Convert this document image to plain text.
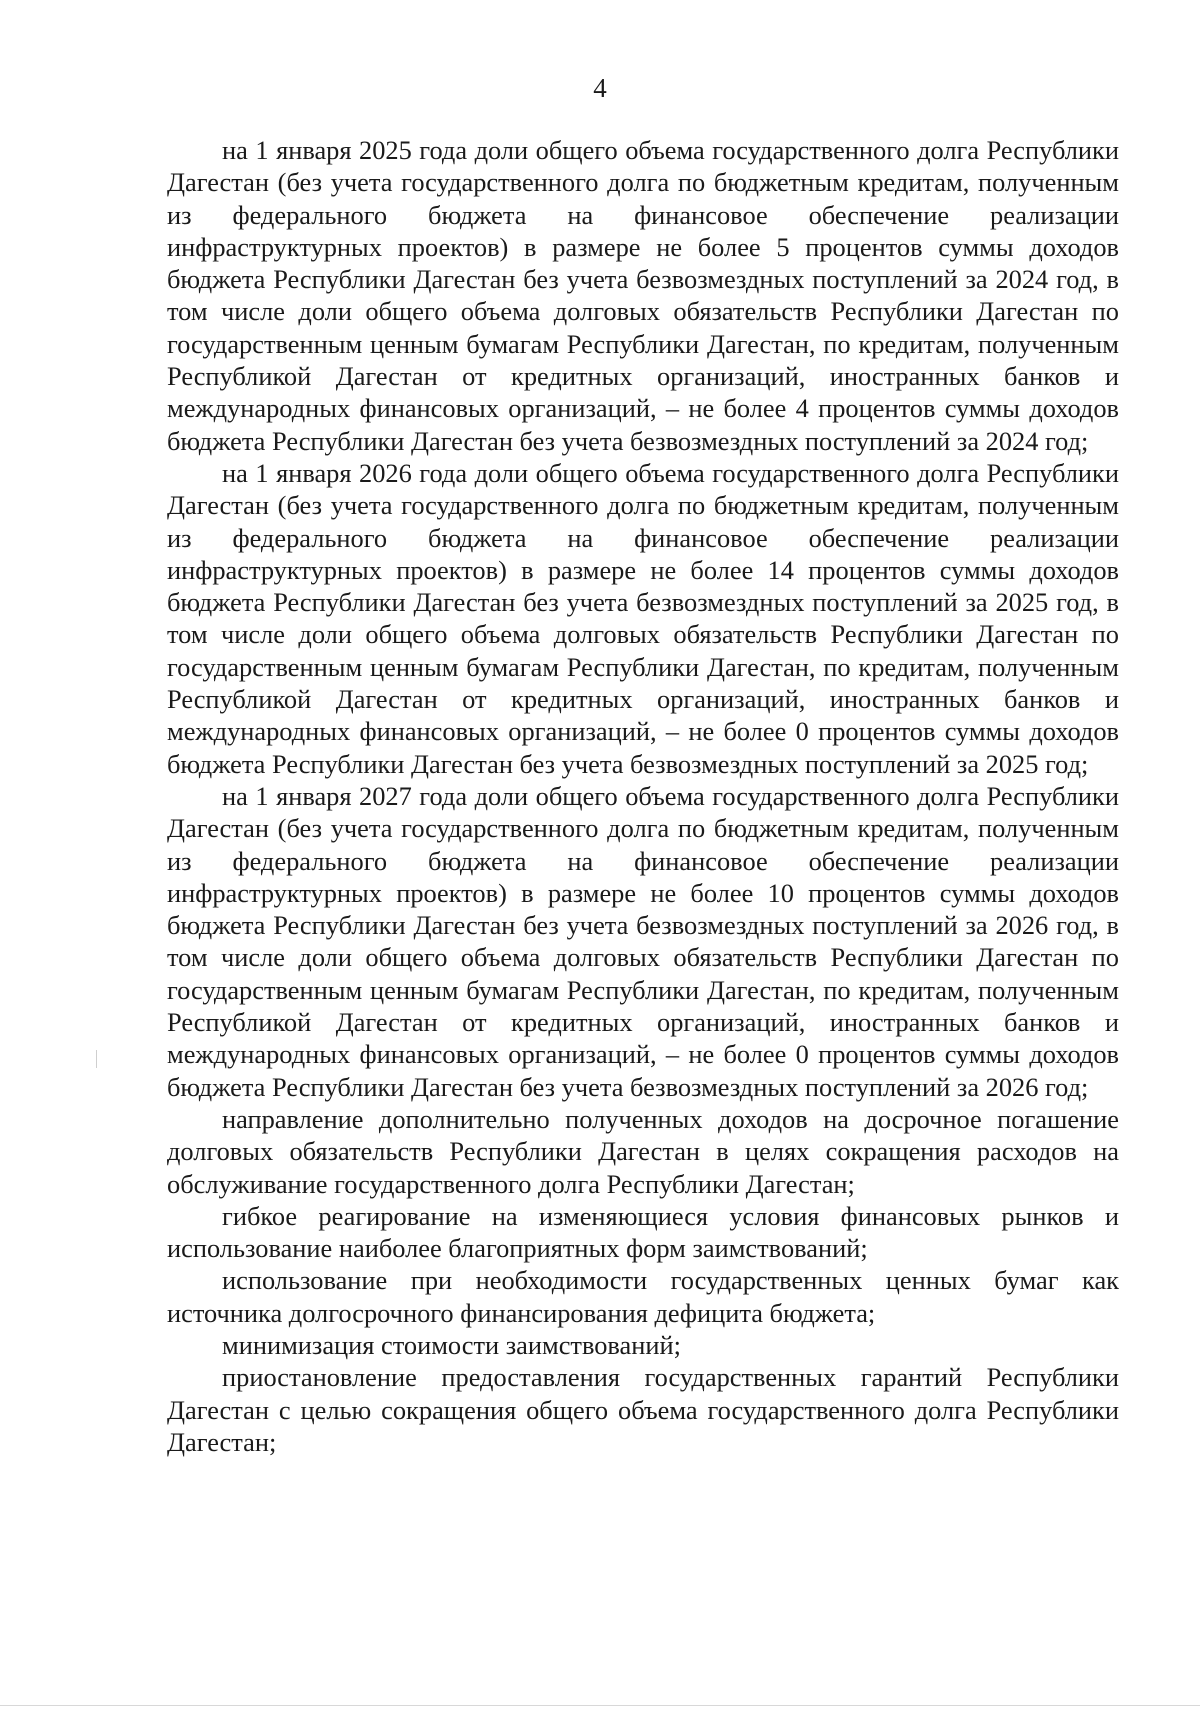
4

на 1 января 2025 года доли общего объема государственного долга Республики Дагестан (без учета государственного долга по бюджетным кредитам, полученным из федерального бюджета на финансовое обеспечение реализации инфраструктурных проектов) в размере не более 5 процентов суммы доходов бюджета Республики Дагестан без учета безвозмездных поступлений за 2024 год, в том числе доли общего объема долговых обязательств Республики Дагестан по государственным ценным бумагам Республики Дагестан, по кредитам, полученным Республикой Дагестан от кредитных организаций, иностранных банков и международных финансовых организаций, – не более 4 процентов суммы доходов бюджета Республики Дагестан без учета безвозмездных поступлений за 2024 год;

на 1 января 2026 года доли общего объема государственного долга Республики Дагестан (без учета государственного долга по бюджетным кредитам, полученным из федерального бюджета на финансовое обеспечение реализации инфраструктурных проектов) в размере не более 14 процентов суммы доходов бюджета Республики Дагестан без учета безвозмездных поступлений за 2025 год, в том числе доли общего объема долговых обязательств Республики Дагестан по государственным ценным бумагам Республики Дагестан, по кредитам, полученным Республикой Дагестан от кредитных организаций, иностранных банков и международных финансовых организаций, – не более 0 процентов суммы доходов бюджета Республики Дагестан без учета безвозмездных поступлений за 2025 год;

на 1 января 2027 года доли общего объема государственного долга Республики Дагестан (без учета государственного долга по бюджетным кредитам, полученным из федерального бюджета на финансовое обеспечение реализации инфраструктурных проектов) в размере не более 10 процентов суммы доходов бюджета Республики Дагестан без учета безвозмездных поступлений за 2026 год, в том числе доли общего объема долговых обязательств Республики Дагестан по государственным ценным бумагам Республики Дагестан, по кредитам, полученным Республикой Дагестан от кредитных организаций, иностранных банков и международных финансовых организаций, – не более 0 процентов суммы доходов бюджета Республики Дагестан без учета безвозмездных поступлений за 2026 год;

направление дополнительно полученных доходов на досрочное погашение долговых обязательств Республики Дагестан в целях сокращения расходов на обслуживание государственного долга Республики Дагестан;

гибкое реагирование на изменяющиеся условия финансовых рынков и использование наиболее благоприятных форм заимствований;

использование при необходимости государственных ценных бумаг как источника долгосрочного финансирования дефицита бюджета;

минимизация стоимости заимствований;

приостановление предоставления государственных гарантий Республики Дагестан с целью сокращения общего объема государственного долга Республики Дагестан;
